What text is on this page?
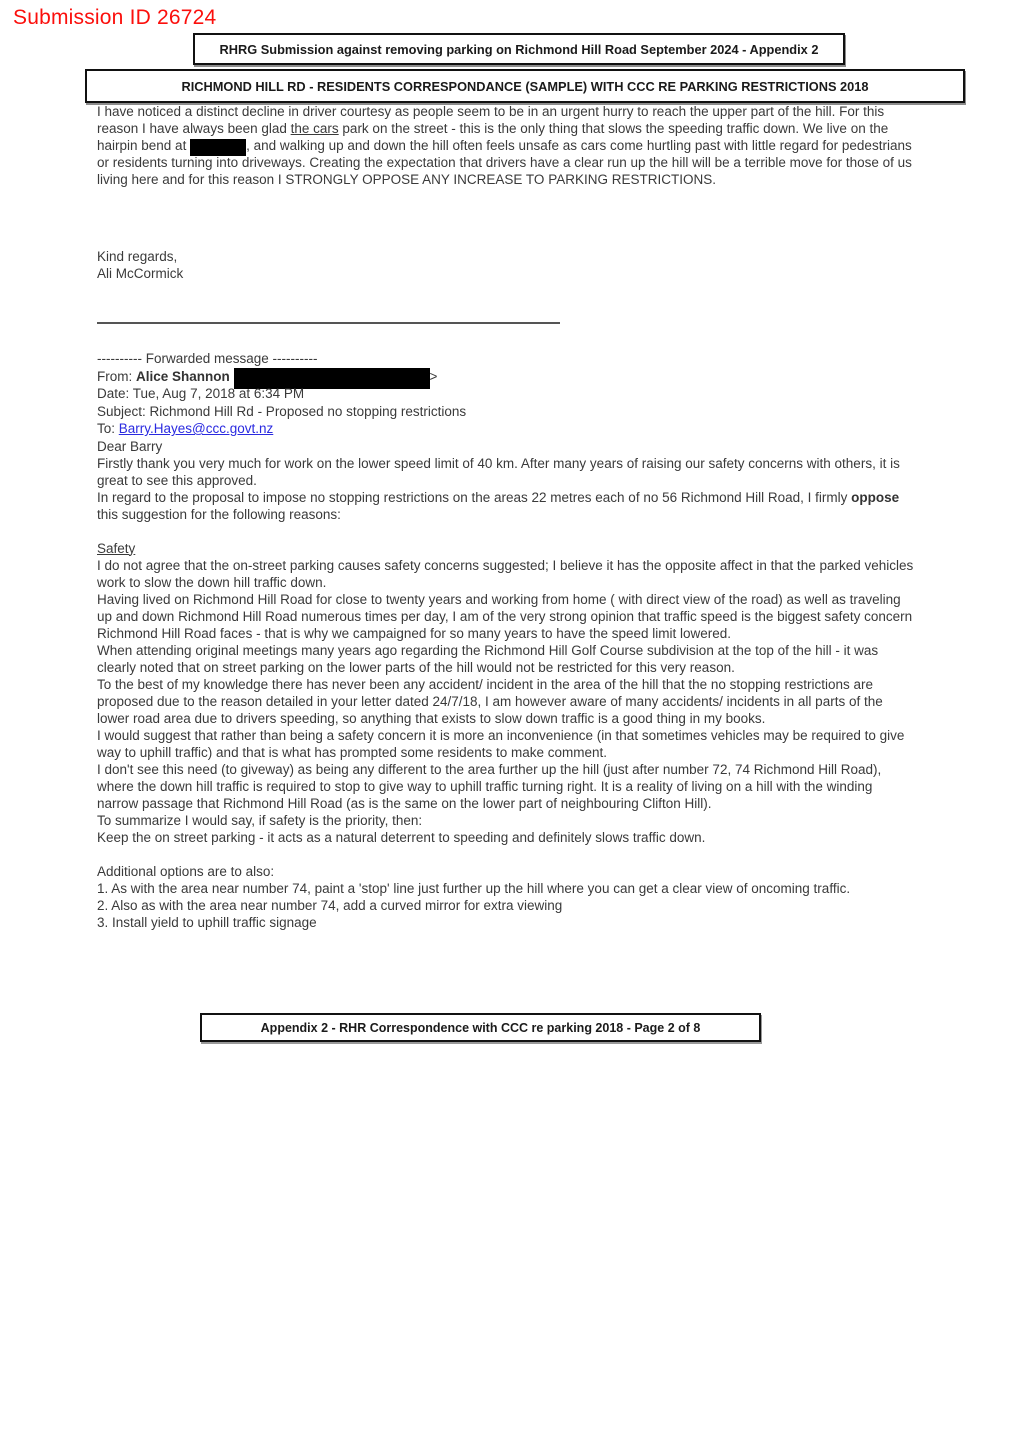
Submission ID 26724
RHRG Submission against removing parking on Richmond Hill Road September 2024 - Appendix 2
RICHMOND HILL RD - RESIDENTS CORRESPONDANCE (SAMPLE) WITH CCC RE PARKING RESTRICTIONS 2018

I have noticed a distinct decline in driver courtesy as people seem to be in an urgent hurry to reach the upper part of the hill. For this reason I have always been glad the cars park on the street - this is the only thing that slows the speeding traffic down. We live on the hairpin bend at	, and walking up and down the hill often feels unsafe as cars come hurtling past with little regard for pedestrians or residents turning into driveways. Creating the expectation that drivers have a clear run up the hill will be a terrible move for those of us living here and for this reason I STRONGLY OPPOSE ANY INCREASE TO PARKING RESTRICTIONS.

Kind regards,

Ali McCormick

---------- Forwarded message ----------

From: Alice Shannon	>

Date: Tue, Aug 7, 2018 at 6:34 PM

Subject: Richmond Hill Rd - Proposed no stopping restrictions

To: Barry.Hayes@ccc.govt.nz

Dear Barry

Firstly thank you very much for work on the lower speed limit of 40 km. After many years of raising our safety concerns with others, it is great to see this approved.

In regard to the proposal to impose no stopping restrictions on the areas 22 metres each of no 56 Richmond Hill Road, I firmly oppose this suggestion for the following reasons:

Safety

I do not agree that the on-street parking causes safety concerns suggested; I believe it has the opposite affect in that the parked vehicles work to slow the down hill traffic down.

Having lived on Richmond Hill Road for close to twenty years and working from home ( with direct view of the road) as well as traveling up and down Richmond Hill Road numerous times per day, I am of the very strong opinion that traffic speed is the biggest safety concern Richmond Hill Road faces - that is why we campaigned for so many years to have the speed limit lowered.

When attending original meetings many years ago regarding the Richmond Hill Golf Course subdivision at the top of the hill - it was clearly noted that on street parking on the lower parts of the hill would not be restricted for this very reason.

To the best of my knowledge there has never been any accident/ incident in the area of the hill that the no stopping restrictions are proposed due to the reason detailed in your letter dated 24/7/18, I am however aware of many accidents/ incidents in all parts of the lower road area due to drivers speeding, so anything that exists to slow down traffic is a good thing in my books.

I would suggest that rather than being a safety concern it is more an inconvenience (in that sometimes vehicles may be required to give way to uphill traffic) and that is what has prompted some residents to make comment.

I don't see this need (to giveway) as being any different to the area further up the hill (just after number 72, 74 Richmond Hill Road), where the down hill traffic is required to stop to give way to uphill traffic turning right. It is a reality of living on a hill with the winding narrow passage that Richmond Hill Road (as is the same on the lower part of neighbouring Clifton Hill).

To summarize I would say, if safety is the priority, then:

Keep the on street parking - it acts as a natural deterrent to speeding and definitely slows traffic down.

Additional options are to also:

1. As with the area near number 74, paint a 'stop' line just further up the hill where you can get a clear view of oncoming traffic.

2. Also as with the area near number 74, add a curved mirror for extra viewing

3. Install yield to uphill traffic signage

Appendix 2 - RHR Correspondence with CCC re parking 2018 - Page 2 of 8
